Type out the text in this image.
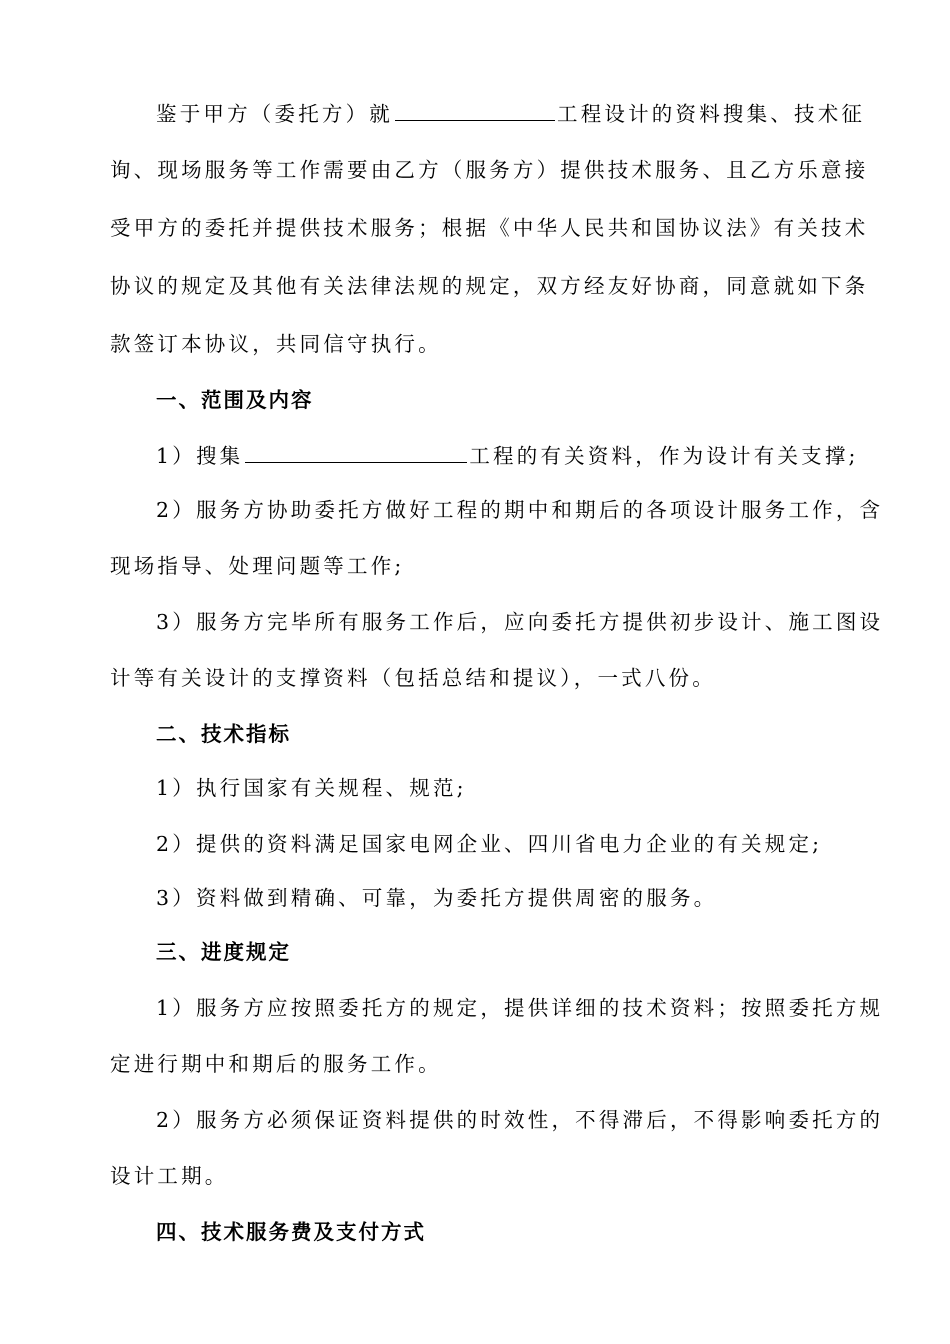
鉴于甲方（委托方）就	工程设计的资料搜集、技术征
询、现场服务等工作需要由乙方（服务方）提供技术服务、且乙方乐意接
受甲方的委托并提供技术服务；根据《中华人民共和国协议法》有关技术
协议的规定及其他有关法律法规的规定，双方经友好协商，同意就如下条
款签订本协议，共同信守执行。
一、范围及内容
1）搜集	工程的有关资料，作为设计有关支撑;
2）服务方协助委托方做好工程的期中和期后的各项设计服务工作，含
现场指导、处理问题等工作;
3）服务方完毕所有服务工作后，应向委托方提供初步设计、施工图设
计等有关设计的支撑资料（包括总结和提议），一式八份。
二、技术指标
1）执行国家有关规程、规范;
2）提供的资料满足国家电网企业、四川省电力企业的有关规定;
3）资料做到精确、可靠，为委托方提供周密的服务。
三、进度规定
1）服务方应按照委托方的规定，提供详细的技术资料；按照委托方规
定进行期中和期后的服务工作。
2）服务方必须保证资料提供的时效性，不得滞后，不得影响委托方的
设计工期。
四、技术服务费及支付方式
